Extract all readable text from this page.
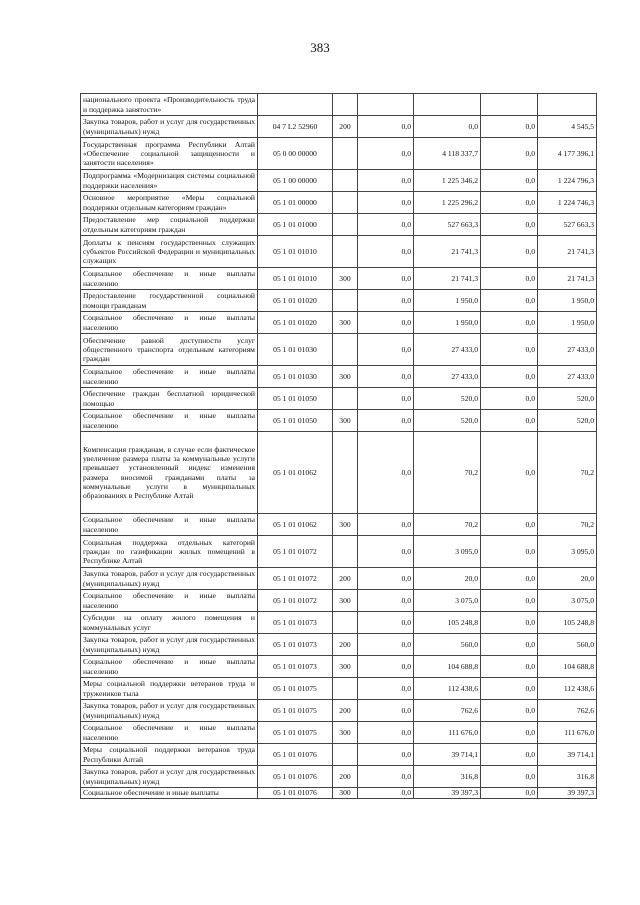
383
национального проекта «Производительность труда и поддержка занятости»						
Закупка товаров, работ и услуг для государственных (муниципальных) нужд	04 7 L2 52960	200	0,0	0,0	0,0	4 545,5
Государственная программа Республики Алтай «Обеспечение социальной защищенности и занятости населения»	05 0 00 00000		0,0	4 118 337,7	0,0	4 177 396,1
Подпрограмма «Модернизация системы социальной поддержки населения»	05 1 00 00000		0,0	1 225 346,2	0,0	1 224 796,3
Основное мероприятие «Меры социальной поддержки отдельным категориям граждан»	05 1 01 00000		0,0	1 225 296,2	0,0	1 224 746,3
Предоставление мер социальной поддержки отдельным категориям граждан	05 1 01 01000		0,0	527 663,3	0,0	527 663,3
Доплаты к пенсиям государственных служащих субъектов Российской Федерации и муниципальных служащих	05 1 01 01010		0,0	21 741,3	0,0	21 741,3
Социальное обеспечение и иные выплаты населению	05 1 01 01010	300	0,0	21 741,3	0,0	21 741,3
Предоставление государственной социальной помощи гражданам	05 1 01 01020		0,0	1 950,0	0,0	1 950,0
Социальное обеспечение и иные выплаты населению	05 1 01 01020	300	0,0	1 950,0	0,0	1 950,0
Обеспечение равной доступности услуг общественного транспорта отдельным категориям граждан	05 1 01 01030		0,0	27 433,0	0,0	27 433,0
Социальное обеспечение и иные выплаты населению	05 1 01 01030	300	0,0	27 433,0	0,0	27 433,0
Обеспечение граждан бесплатной юридической помощью	05 1 01 01050		0,0	520,0	0,0	520,0
Социальное обеспечение и иные выплаты населению	05 1 01 01050	300	0,0	520,0	0,0	520,0
Компенсация гражданам, в случае если фактическое увеличение размера платы за коммунальные услуги превышает установленный индекс изменения размера вносимой гражданами платы за коммунальные услуги в муниципальных образованиях в Республике Алтай	05 1 01 01062		0,0	70,2	0,0	70,2
Социальное обеспечение и иные выплаты населению	05 1 01 01062	300	0,0	70,2	0,0	70,2
Социальная поддержка отдельных категорий граждан по газификации жилых помещений в Республике Алтай	05 1 01 01072		0,0	3 095,0	0,0	3 095,0
Закупка товаров, работ и услуг для государственных (муниципальных) нужд	05 1 01 01072	200	0,0	20,0	0,0	20,0
Социальное обеспечение и иные выплаты населению	05 1 01 01072	300	0,0	3 075,0	0,0	3 075,0
Субсидии на оплату жилого помещения и коммунальных услуг	05 1 01 01073		0,0	105 248,8	0,0	105 248,8
Закупка товаров, работ и услуг для государственных (муниципальных) нужд	05 1 01 01073	200	0,0	560,0	0,0	560,0
Социальное обеспечение и иные выплаты населению	05 1 01 01073	300	0,0	104 688,8	0,0	104 688,8
Меры социальной поддержки ветеранов труда и тружеников тыла	05 1 01 01075		0,0	112 438,6	0,0	112 438,6
Закупка товаров, работ и услуг для государственных (муниципальных) нужд	05 1 01 01075	200	0,0	762,6	0,0	762,6
Социальное обеспечение и иные выплаты населению	05 1 01 01075	300	0,0	111 676,0	0,0	111 676,0
Меры социальной поддержки ветеранов труда Республики Алтай	05 1 01 01076		0,0	39 714,1	0,0	39 714,1
Закупка товаров, работ и услуг для государственных (муниципальных) нужд	05 1 01 01076	200	0,0	316,8	0,0	316,8
Социальное обеспечение и иные выплаты	05 1 01 01076	300	0,0	39 397,3	0,0	39 397,3
